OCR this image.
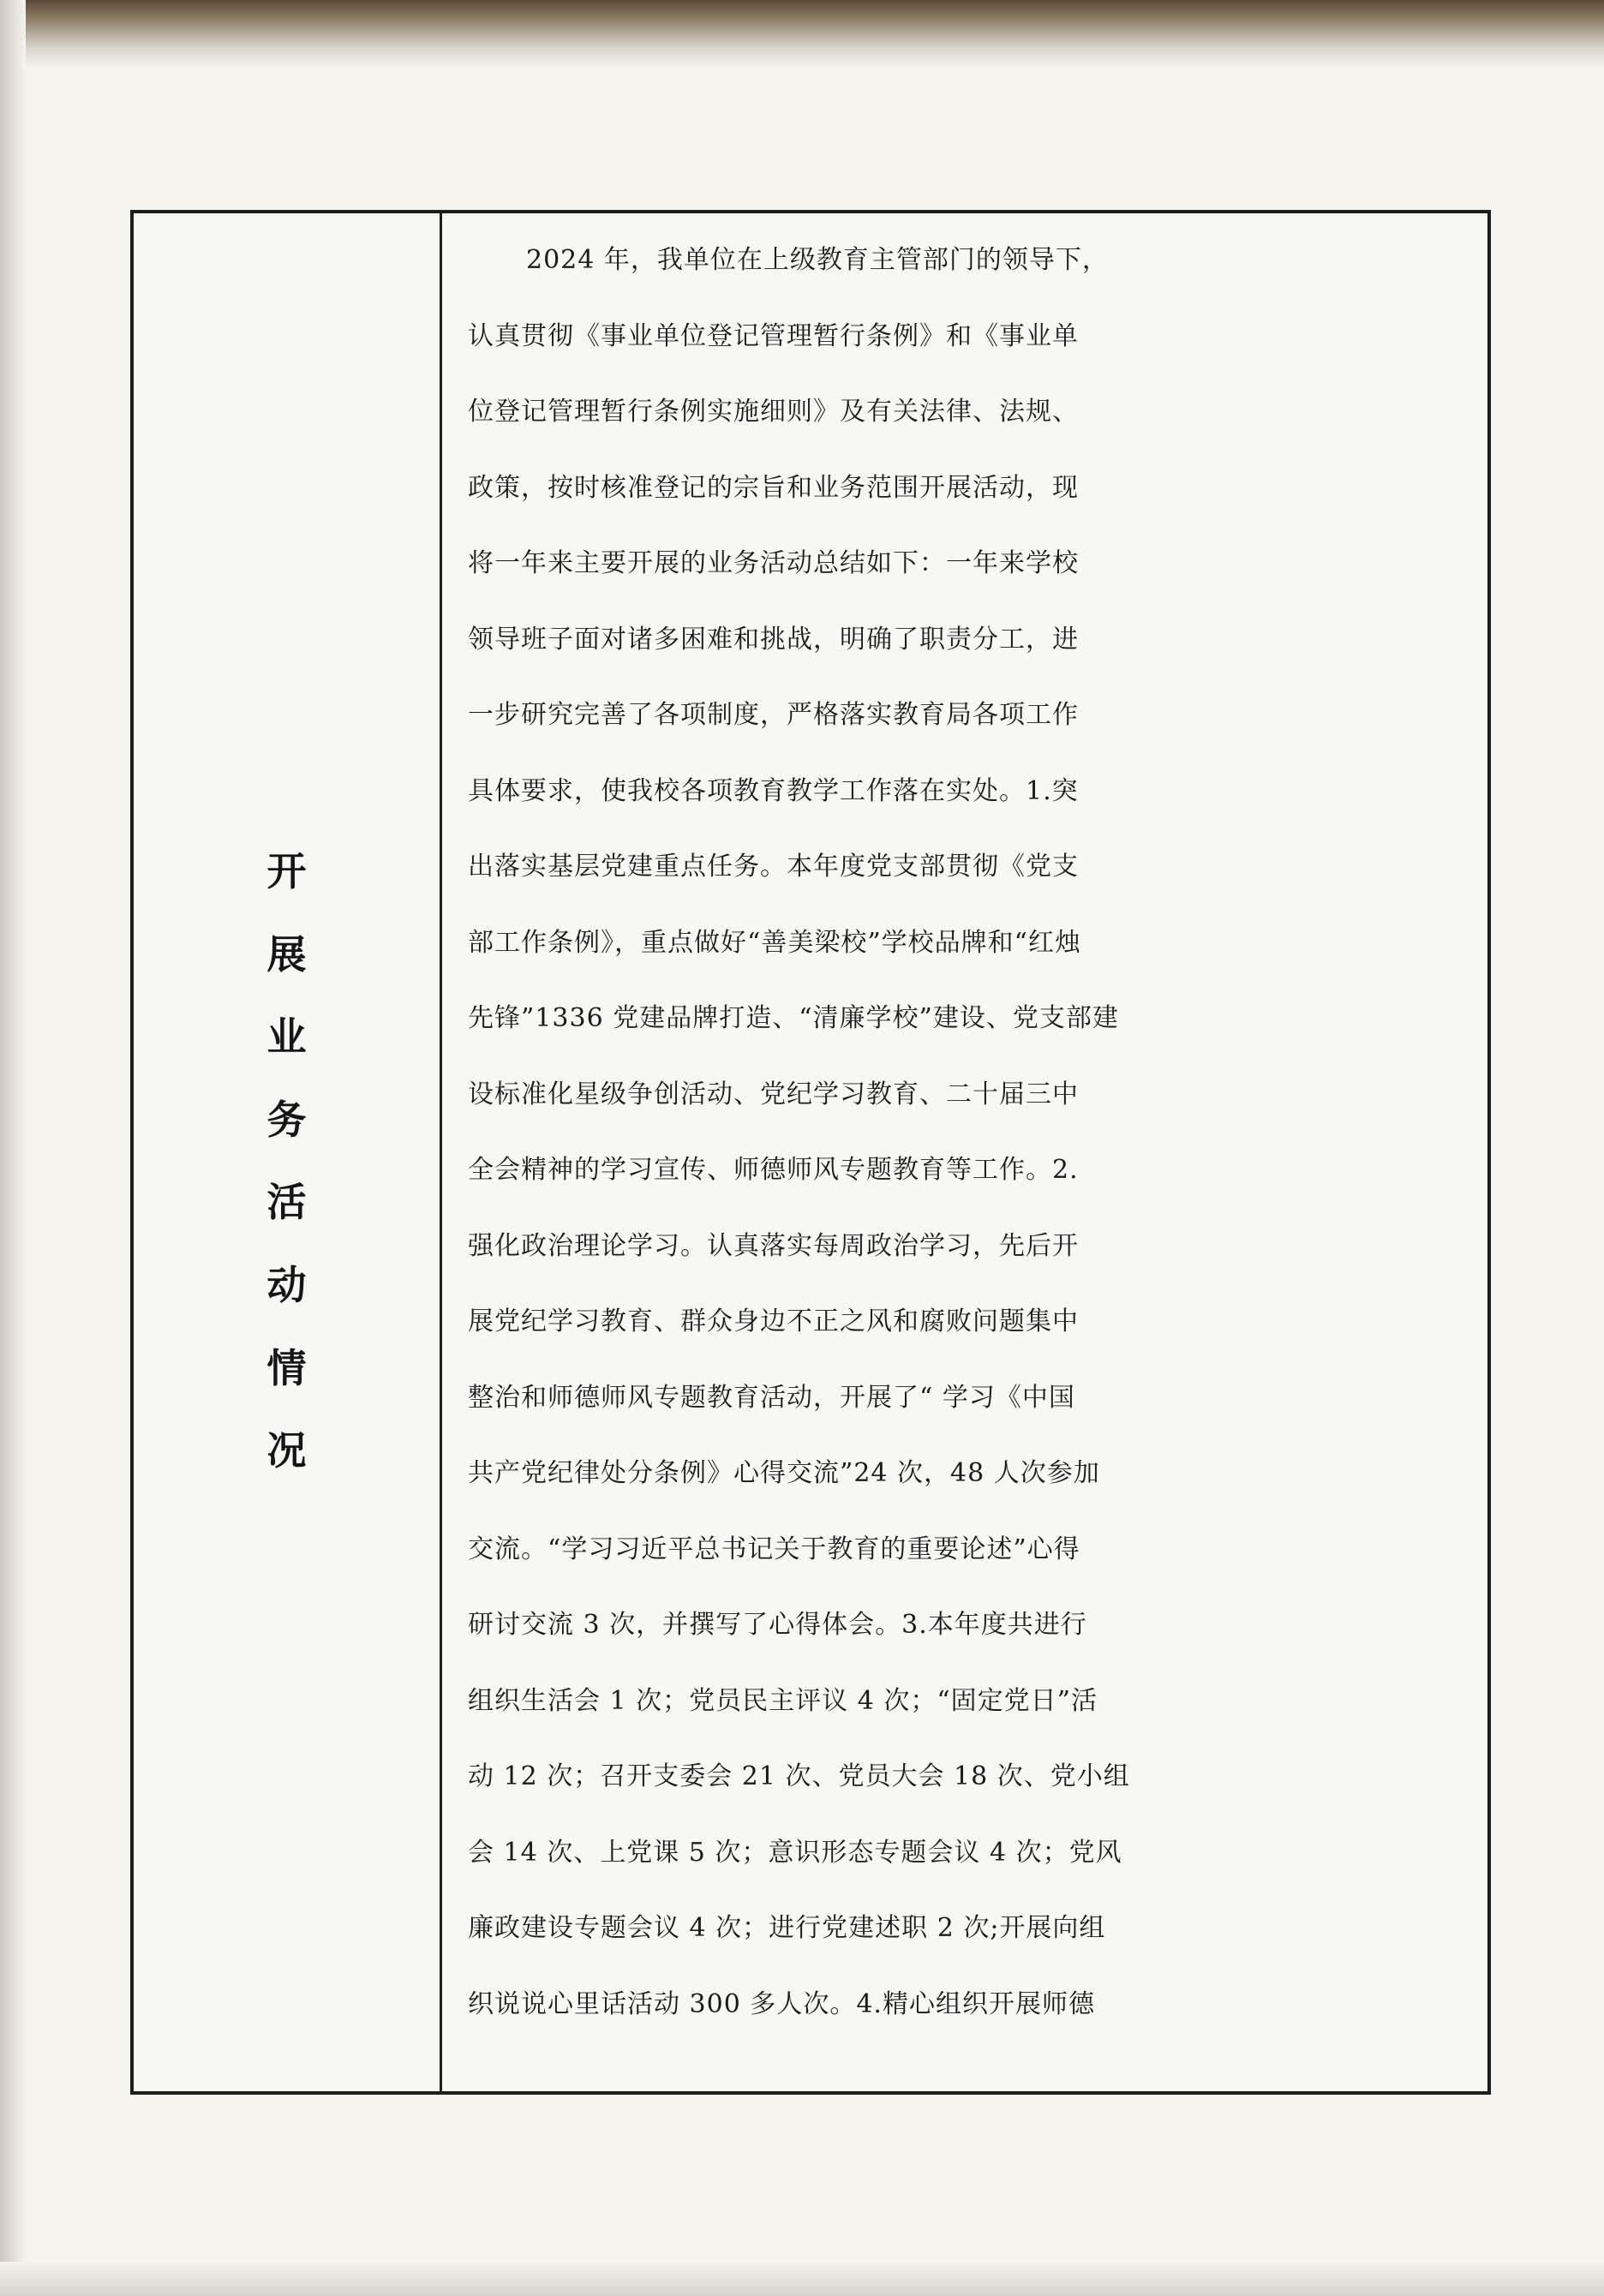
开
展
业
务
活
动
情
况
2024 年，我单位在上级教育主管部门的领导下，
认真贯彻《事业单位登记管理暂行条例》和《事业单
位登记管理暂行条例实施细则》及有关法律、法规、
政策，按时核准登记的宗旨和业务范围开展活动，现
将一年来主要开展的业务活动总结如下：一年来学校
领导班子面对诸多困难和挑战，明确了职责分工，进
一步研究完善了各项制度，严格落实教育局各项工作
具体要求，使我校各项教育教学工作落在实处。1.突
出落实基层党建重点任务。本年度党支部贯彻《党支
部工作条例》，重点做好“善美梁校”学校品牌和“红烛
先锋”1336 党建品牌打造、“清廉学校”建设、党支部建
设标准化星级争创活动、党纪学习教育、二十届三中
全会精神的学习宣传、师德师风专题教育等工作。2.
强化政治理论学习。认真落实每周政治学习，先后开
展党纪学习教育、群众身边不正之风和腐败问题集中
整治和师德师风专题教育活动，开展了“ 学习《中国
共产党纪律处分条例》心得交流”24 次，48 人次参加
交流。“学习习近平总书记关于教育的重要论述”心得
研讨交流 3 次，并撰写了心得体会。3.本年度共进行
组织生活会 1 次；党员民主评议 4 次；“固定党日”活
动 12 次；召开支委会 21 次、党员大会 18 次、党小组
会 14 次、上党课 5 次；意识形态专题会议 4 次；党风
廉政建设专题会议 4 次；进行党建述职 2 次;开展向组
织说说心里话活动 300 多人次。4.精心组织开展师德
